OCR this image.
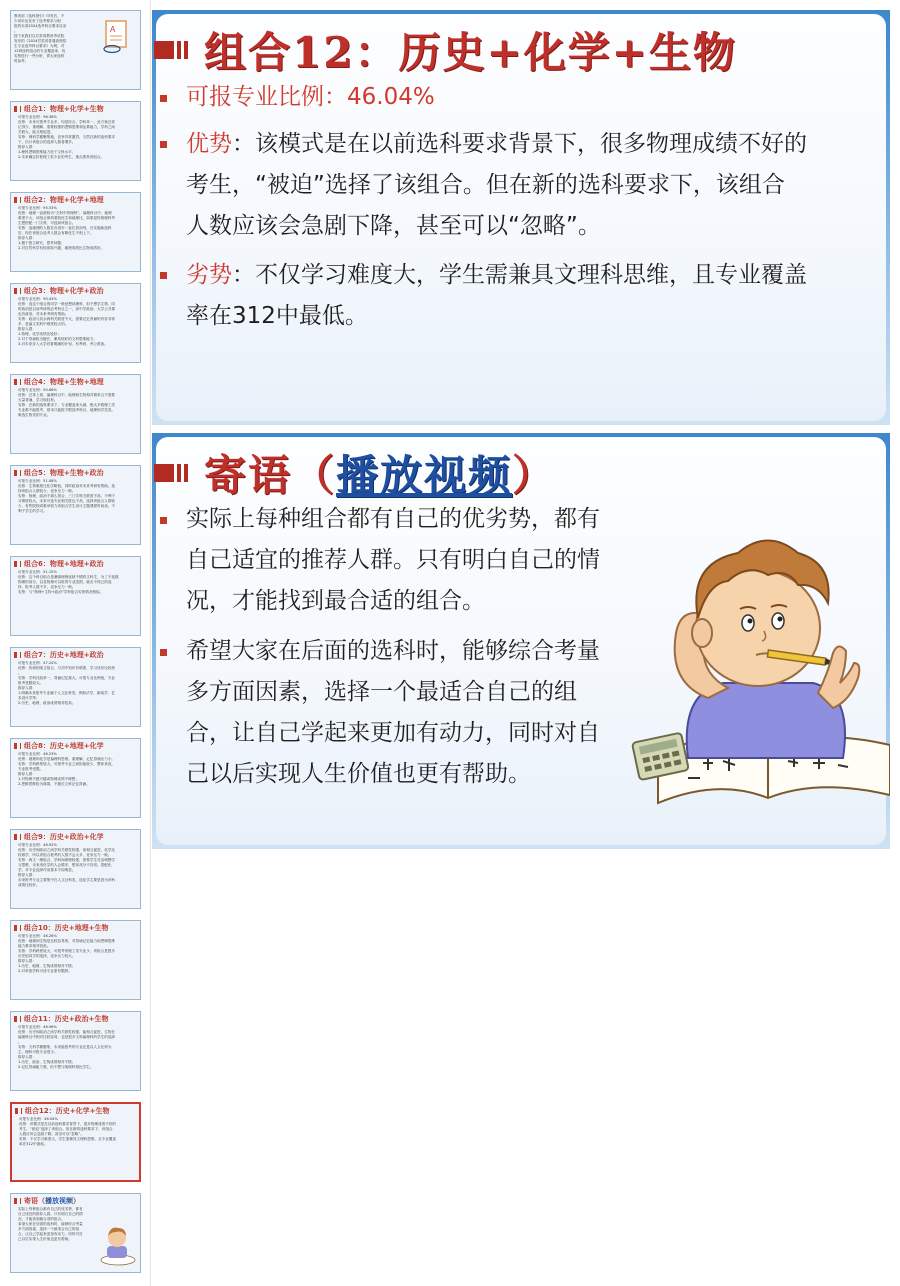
教育部《选科指引》印发后，不
少省市也发布了选考要求与相
组的本省2024选考科目要求目录
。
按下来我们以甘肃省教育考试院
发布的《2024甘肃省普通高校招
生专业选考科目要求》为例，对
12种选科组合的专业覆盖率，优
劣势进行一些分析，供大家选科
时参考。
A
组合1：物理+化学+生物
可报专业比例：96.36%
优势：未来可报考专业多，均是综合、学科单一，此方案总体
记得少，重理解、需要较强的逻辑思维和运算能力，学科之间
关联大，能互相促进。
劣势：理科学霸聚集地，竞争异常激烈，当然在新的选科要求
下，估计该组合的选择人数将增多。
推荐人群：
1.理科逻辑思维能力优于文科水平；
2.未来确定好报理工类专业的考生，重点推荐该组合。
组合2：物理+化学+地理
可报专业比例：95.53%
优势：地理一直被称为“文科中的理科”，偏理科目中，地理
难度不大，该组合保持着较化生和地理比，如果是传统理科考
生想搭配一门文科，可选择该组合。
劣势：选地理的人数在各省市一直位居前列，在实施新选科
后，现在该组合选考人数会有略化生不相上下。
推荐人群：
1.擅于独立研究，思考问题；
2.对自然科学有较浓厚兴趣，地理成绩比生物成绩好。
组合3：物理+化学+政治
可报专业比例：90.43%
优势：选这个组合的同学一般是想读理科，但不想学生物，同
时政治是目前考研的必考科目之一，高中学政治，大学公共课
也有政治，对未来考研有帮助。
劣势：政治与其余两科关联度不大，需要记忆背诵的内容非常
多，是偏文类科中难度较大的。
推荐人群：
1.物理、化学成绩比较好；
2.对于背诵较为擅长，兼具较好的文科思维能力；
3.对未来步入大学有着明确的计划，有考研、考公准备。
组合4：物理+生物+地理
可报专业比例：50.66%
优势：总体上看，偏理科目中，地理和生物相对简单且不需要
大量背诵，学习较轻松。
劣势：在新的选科要求下，专业覆盖率大减，绝大多数理工类
专业都不能报考，基本只能报不限选考科目、地理和学类类。
难选生物类的专业。
组合5：物理+生物+政治
可报专业比例：51.08%
优势：生物难度比化学略低，同时政治对未来考研有帮助。选
择该组合人群较少，竞争压力一般。
劣势：物理、政治不那么契合，三门学科关联度不高，不利于
习难度较大，未来可选专业相关度也不高，选择该组合人群较
少，有些院校或难举较力该组合学生设计主题课程时间表，不
利于学生的学习。
组合6：物理+地理+政治
可报专业比例：51.15%
优势：这个科目组合是兼顾理理优缺不错的文科生，为了不选数
物理的高分，以及物理可以报的专业范围，就出不得已的选
择，报考人数不多，竞争压力一般。
劣势：与“物理+生物+政治”学科组合劣势情况相似。
组合7：历史+地理+政治
可报专业比例：47.24%
优势：传统的纯文组合，与初中知识有联系，学习适应比较快
。
劣势：学科比较单一，背诵记忆重大，可报专业比例低，专业
报考受限较大。
推荐人群：
1.明确未来报考专业属于人文社科类，例如法学、新闻学、艺
术设计学等；
2.历史、地理、政治成绩相对较高。
组合8：历史+地理+化学
可报专业比例：46.23%
优势：地理和化学是偏理科思维，重理解，记忆背诵压力小。
劣势：学科跨度较大，可报考专业之间衔接较少，整体来说，
专业报考受限。
推荐人群：
1.对物理不感兴趣或物理成绩不理想；
2.逻辑思维较为薄弱，不擅长文科记忆背诵。
组合9：历史+政治+化学
可报专业比例：46.92%
优势：历史和政治之间学科关联性较强，前相互促进，化学比
较难学，所以该组合报考的人数不会太多，竞争压力一般。
劣势：两文一理组合，学科间难理较强，需要学生灵活调整学
习思维，未来适化学的人会增多，想拿高分不容易。搭配化
学，对专业选择作用基本不如明显。
推荐人群：
未来报考专业主要集中在人文社科类，选化学主要是因为该科
成绩比较好。
组合10：历史+地理+生物
可报专业比例：46.26%
优势：地理和生物是比较容易的，对背诵记忆能力和逻辑思维
能力要求相对较低。
劣势：学科跨度较大，可报考的理工类专业少，该组合是很多
历史组同学的选择，竞争压力较大。
推荐人群：
1.历史、地理、生物成绩相对不错；
2.对单独学科可适专业需有限制。
组合11：历史+政治+生物
可报专业比例：46.96%
优势：历史和政治之间学科关联性较强，能相互促进，生物在
偏理科目中相对比较容易，也是很多文科偏理科的学生的选择
。
劣势：文科学霸聚集，未来能报考的专业还是以人文社科为
主，理科可报专业很少。
推荐人群：
1.历史、政治、生物成绩相对不错；
2.记忆背诵能力强，但不想与纯理科相比学生。
组合12：历史+化学+生物
可报专业比例：46.04%
优势：该模式是在以前选科要求背景下，很多物理成绩不好的
考生，“被迫”选择了该组合。但在新的选科要求下，该组合
人数应该会急剧下降，甚至可以“忽略”。
劣势：不仅学习难度大，学生需兼具文理科思维，且专业覆盖
率在312中最低。
寄语（播放视频）
实际上每种组合都有自己的优劣势，都有
自己适宜的推荐人群。只有明白自己的情
况，才能找到最合适的组合。
希望大家在后面的选科时，能够综合考量
多方面因素，选择一个最适合自己的组
合，让自己学起来更加有动力，同时对自
己以后实现人生价值也更有帮助。
组合12：历史+化学+生物
可报专业比例：46.04%
优势：该模式是在以前选科要求背景下，很多物理成绩不好的
考生，“被迫”选择了该组合。但在新的选科要求下，该组合
人数应该会急剧下降，甚至可以“忽略”。
劣势：不仅学习难度大，学生需兼具文理科思维，且专业覆盖
率在312中最低。
寄语（播放视频）
实际上每种组合都有自己的优劣势，都有
自己适宜的推荐人群。只有明白自己的情
况，才能找到最合适的组合。
希望大家在后面的选科时，能够综合考量
多方面因素，选择一个最适合自己的组
合，让自己学起来更加有动力，同时对自
己以后实现人生价值也更有帮助。
